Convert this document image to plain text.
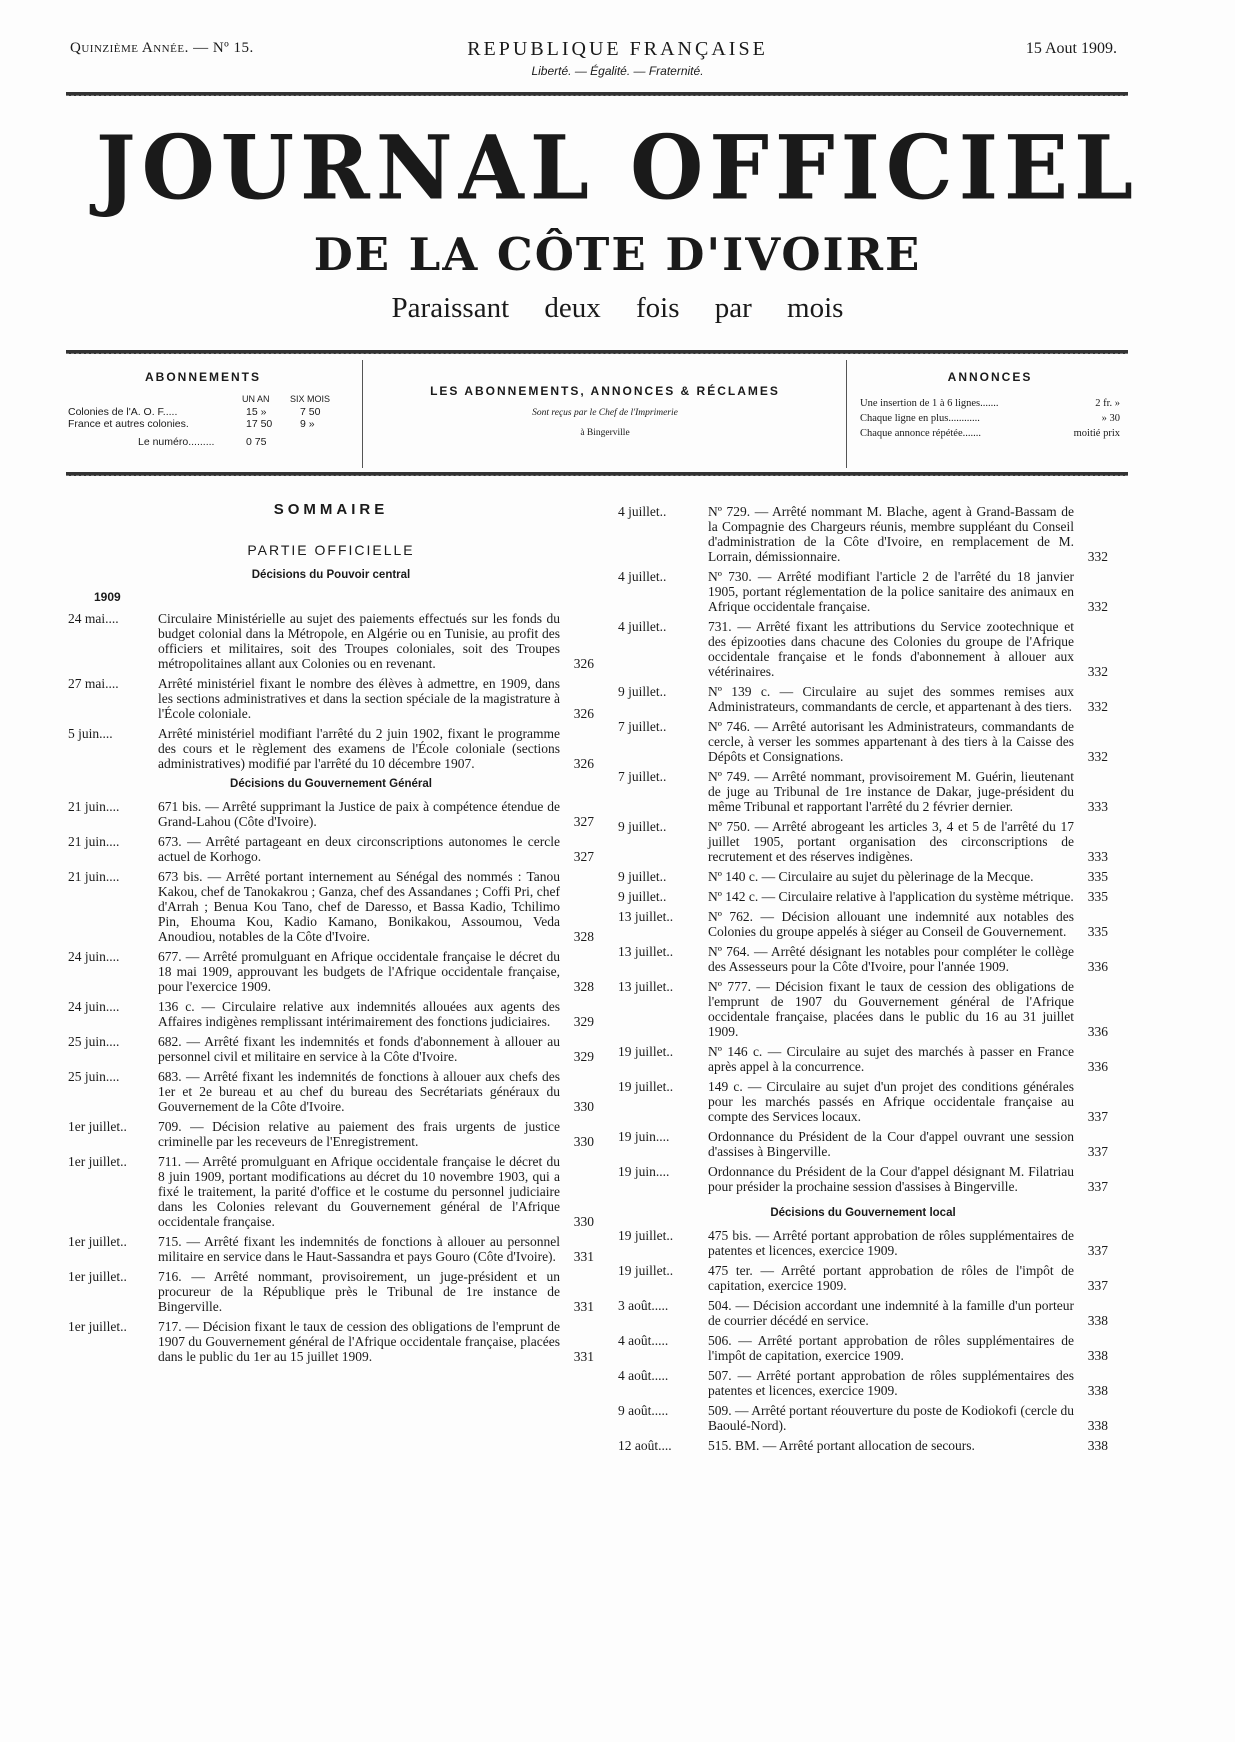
Quinzième Année. — Nº 15.	REPUBLIQUE FRANÇAISE
Liberté. — Égalité. — Fraternité.
15 Aout 1909.
JOURNAL OFFICIEL
DE LA CÔTE D'IVOIRE
Paraissant deux fois par mois
ABONNEMENTS
UN AN SIX MOIS
Colonies de l'A. O. F.....	15 »	7 50
France et autres colonies.	17 50	9 »
Le numéro.........	0 75
LES ABONNEMENTS, ANNONCES & RÉCLAMES
Sont reçus par le Chef de l'Imprimerie
à Bingerville
ANNONCES
Une insertion de 1 à 6 lignes.......	2 fr. »
Chaque ligne en plus............	» 30
Chaque annonce répétée.......	moitié prix
SOMMAIRE
PARTIE OFFICIELLE
Décisions du Pouvoir central
1909
24 mai....	Circulaire Ministérielle au sujet des paiements effectués sur les fonds du budget colonial dans la Métropole, en Algérie ou en Tunisie, au profit des officiers et militaires, soit des Troupes coloniales, soit des Troupes métropolitaines allant aux Colonies ou en revenant.	326
27 mai....	Arrêté ministériel fixant le nombre des élèves à admettre, en 1909, dans les sections administratives et dans la section spéciale de la magistrature à l'École coloniale.	326
5 juin....	Arrêté ministériel modifiant l'arrêté du 2 juin 1902, fixant le programme des cours et le règlement des examens de l'École coloniale (sections administratives) modifié par l'arrêté du 10 décembre 1907.	326
Décisions du Gouvernement Général
21 juin....	671 bis. — Arrêté supprimant la Justice de paix à compétence étendue de Grand-Lahou (Côte d'Ivoire).	327
21 juin....	673. — Arrêté partageant en deux circonscriptions autonomes le cercle actuel de Korhogo.	327
21 juin....	673 bis. — Arrêté portant internement au Sénégal des nommés : Tanou Kakou, chef de Tanokakrou ; Ganza, chef des Assandanes ; Coffi Pri, chef d'Arrah ; Benua Kou Tano, chef de Daresso, et Bassa Kadio, Tchilimo Pin, Ehouma Kou, Kadio Kamano, Bonikakou, Assoumou, Veda Anoudiou, notables de la Côte d'Ivoire.	328
24 juin....	677. — Arrêté promulguant en Afrique occidentale française le décret du 18 mai 1909, approuvant les budgets de l'Afrique occidentale française, pour l'exercice 1909.	328
24 juin....	136 c. — Circulaire relative aux indemnités allouées aux agents des Affaires indigènes remplissant intérimairement des fonctions judiciaires.	329
25 juin....	682. — Arrêté fixant les indemnités et fonds d'abonnement à allouer au personnel civil et militaire en service à la Côte d'Ivoire.	329
25 juin....	683. — Arrêté fixant les indemnités de fonctions à allouer aux chefs des 1er et 2e bureau et au chef du bureau des Secrétariats généraux du Gouvernement de la Côte d'Ivoire.	330
1er juillet..	709. — Décision relative au paiement des frais urgents de justice criminelle par les receveurs de l'Enregistrement.	330
1er juillet..	711. — Arrêté promulguant en Afrique occidentale française le décret du 8 juin 1909, portant modifications au décret du 10 novembre 1903, qui a fixé le traitement, la parité d'office et le costume du personnel judiciaire dans les Colonies relevant du Gouvernement général de l'Afrique occidentale française.	330
1er juillet..	715. — Arrêté fixant les indemnités de fonctions à allouer au personnel militaire en service dans le Haut-Sassandra et pays Gouro (Côte d'Ivoire).	331
1er juillet..	716. — Arrêté nommant, provisoirement, un juge-président et un procureur de la République près le Tribunal de 1re instance de Bingerville.	331
1er juillet..	717. — Décision fixant le taux de cession des obligations de l'emprunt de 1907 du Gouvernement général de l'Afrique occidentale française, placées dans le public du 1er au 15 juillet 1909.	331
4 juillet..	Nº 729. — Arrêté nommant M. Blache, agent à Grand-Bassam de la Compagnie des Chargeurs réunis, membre suppléant du Conseil d'administration de la Côte d'Ivoire, en remplacement de M. Lorrain, démissionnaire.	332
4 juillet..	Nº 730. — Arrêté modifiant l'article 2 de l'arrêté du 18 janvier 1905, portant réglementation de la police sanitaire des animaux en Afrique occidentale française.	332
4 juillet..	731. — Arrêté fixant les attributions du Service zootechnique et des épizooties dans chacune des Colonies du groupe de l'Afrique occidentale française et le fonds d'abonnement à allouer aux vétérinaires.	332
9 juillet..	Nº 139 c. — Circulaire au sujet des sommes remises aux Administrateurs, commandants de cercle, et appartenant à des tiers.	332
7 juillet..	Nº 746. — Arrêté autorisant les Administrateurs, commandants de cercle, à verser les sommes appartenant à des tiers à la Caisse des Dépôts et Consignations.	332
7 juillet..	Nº 749. — Arrêté nommant, provisoirement M. Guérin, lieutenant de juge au Tribunal de 1re instance de Dakar, juge-président du même Tribunal et rapportant l'arrêté du 2 février dernier.	333
9 juillet..	Nº 750. — Arrêté abrogeant les articles 3, 4 et 5 de l'arrêté du 17 juillet 1905, portant organisation des circonscriptions de recrutement et des réserves indigènes.	333
9 juillet..	Nº 140 c. — Circulaire au sujet du pèlerinage de la Mecque.	335
9 juillet..	Nº 142 c. — Circulaire relative à l'application du système métrique.	335
13 juillet..	Nº 762. — Décision allouant une indemnité aux notables des Colonies du groupe appelés à siéger au Conseil de Gouvernement.	335
13 juillet..	Nº 764. — Arrêté désignant les notables pour compléter le collège des Assesseurs pour la Côte d'Ivoire, pour l'année 1909.	336
13 juillet..	Nº 777. — Décision fixant le taux de cession des obligations de l'emprunt de 1907 du Gouvernement général de l'Afrique occidentale française, placées dans le public du 16 au 31 juillet 1909.	336
19 juillet..	Nº 146 c. — Circulaire au sujet des marchés à passer en France après appel à la concurrence.	336
19 juillet..	149 c. — Circulaire au sujet d'un projet des conditions générales pour les marchés passés en Afrique occidentale française au compte des Services locaux.	337
19 juin....	Ordonnance du Président de la Cour d'appel ouvrant une session d'assises à Bingerville.	337
19 juin....	Ordonnance du Président de la Cour d'appel désignant M. Filatriau pour présider la prochaine session d'assises à Bingerville.	337
Décisions du Gouvernement local
19 juillet..	475 bis. — Arrêté portant approbation de rôles supplémentaires de patentes et licences, exercice 1909.	337
19 juillet..	475 ter. — Arrêté portant approbation de rôles de l'impôt de capitation, exercice 1909.	337
3 août.....	504. — Décision accordant une indemnité à la famille d'un porteur de courrier décédé en service.	338
4 août.....	506. — Arrêté portant approbation de rôles supplémentaires de l'impôt de capitation, exercice 1909.	338
4 août.....	507. — Arrêté portant approbation de rôles supplémentaires des patentes et licences, exercice 1909.	338
9 août.....	509. — Arrêté portant réouverture du poste de Kodiokofi (cercle du Baoulé-Nord).	338
12 août....	515. BM. — Arrêté portant allocation de secours.	338
